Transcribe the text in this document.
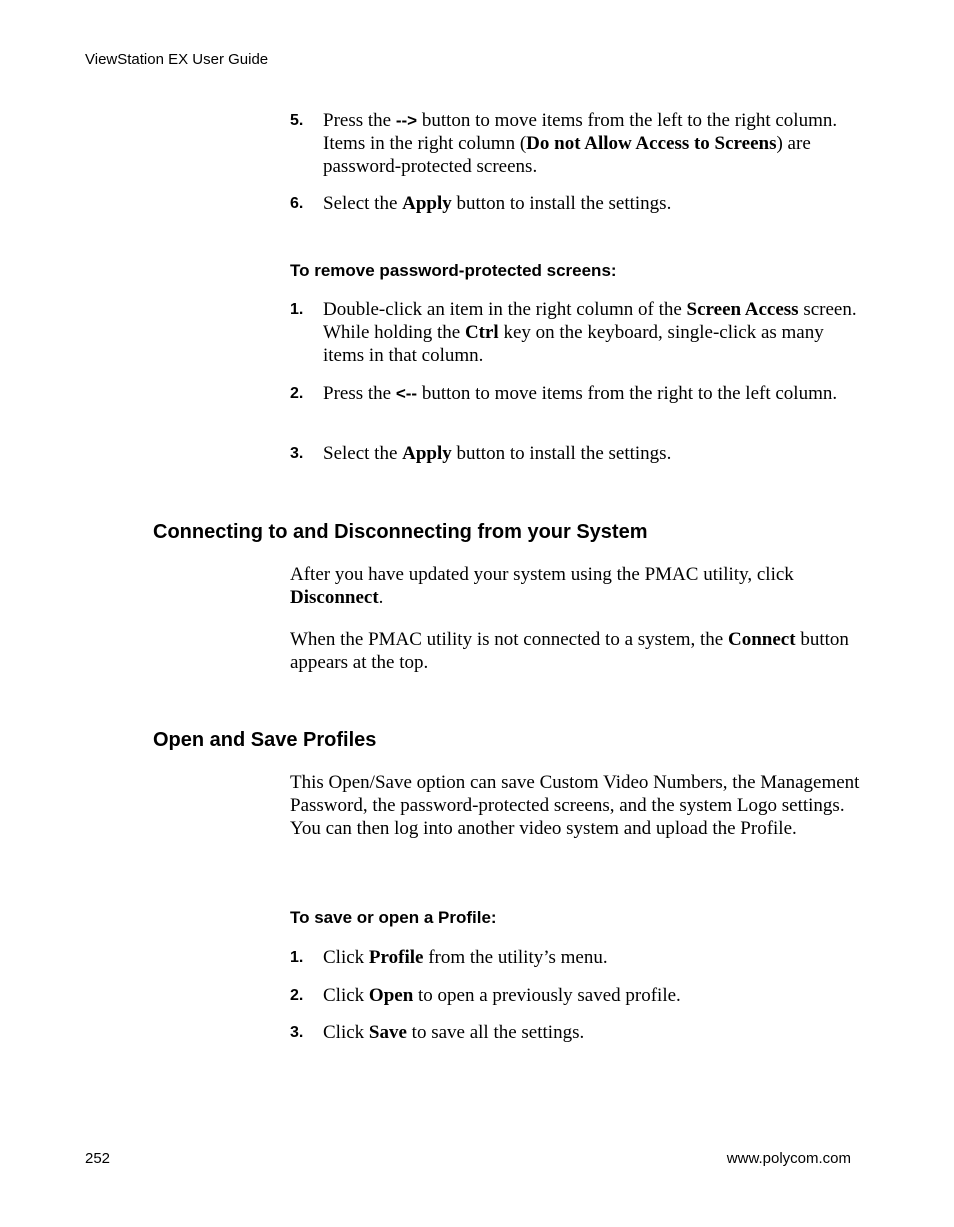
ViewStation EX User Guide
5. Press the --> button to move items from the left to the right column. Items in the right column (Do not Allow Access to Screens) are password-protected screens.
6. Select the Apply button to install the settings.
To remove password-protected screens:
1. Double-click an item in the right column of the Screen Access screen. While holding the Ctrl key on the keyboard, single-click as many items in that column.
2. Press the <-- button to move items from the right to the left column.
3. Select the Apply button to install the settings.
Connecting to and Disconnecting from your System
After you have updated your system using the PMAC utility, click Disconnect.
When the PMAC utility is not connected to a system, the Connect button appears at the top.
Open and Save Profiles
This Open/Save option can save Custom Video Numbers, the Management Password, the password-protected screens, and the system Logo settings. You can then log into another video system and upload the Profile.
To save or open a Profile:
1. Click Profile from the utility’s menu.
2. Click Open to open a previously saved profile.
3. Click Save to save all the settings.
252	www.polycom.com
